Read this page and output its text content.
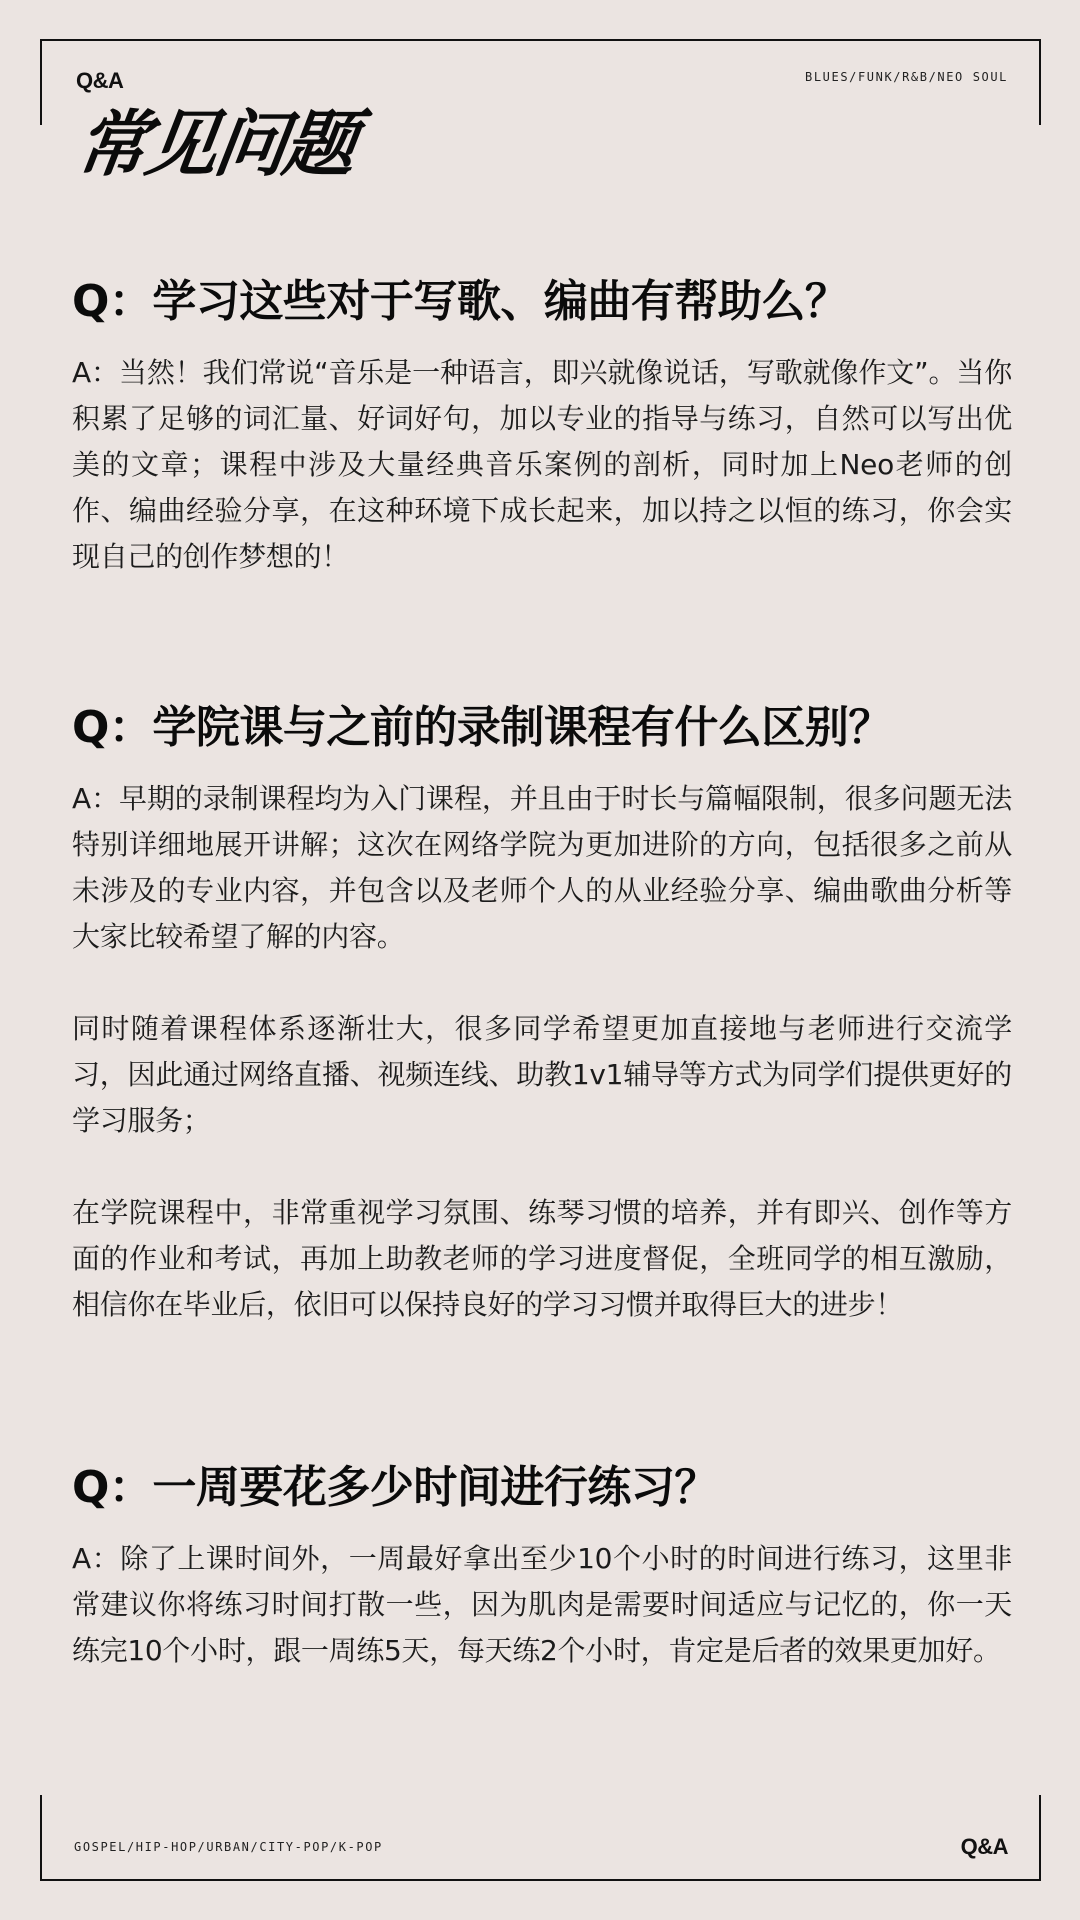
Q&A	BLUES/FUNK/R&B/NEO SOUL
常见问题
Q：学习这些对于写歌、编曲有帮助么？
A：当然！我们常说“音乐是一种语言，即兴就像说话，写歌就像作文”。当你积累了足够的词汇量、好词好句，加以专业的指导与练习，自然可以写出优美的文章；课程中涉及大量经典音乐案例的剖析，同时加上Neo老师的创作、编曲经验分享，在这种环境下成长起来，加以持之以恒的练习，你会实现自己的创作梦想的！
Q：学院课与之前的录制课程有什么区别？
A：早期的录制课程均为入门课程，并且由于时长与篇幅限制，很多问题无法特别详细地展开讲解；这次在网络学院为更加进阶的方向，包括很多之前从未涉及的专业内容，并包含以及老师个人的从业经验分享、编曲歌曲分析等大家比较希望了解的内容。
同时随着课程体系逐渐壮大，很多同学希望更加直接地与老师进行交流学习，因此通过网络直播、视频连线、助教1v1辅导等方式为同学们提供更好的学习服务；
在学院课程中，非常重视学习氛围、练琴习惯的培养，并有即兴、创作等方面的作业和考试，再加上助教老师的学习进度督促，全班同学的相互激励，相信你在毕业后，依旧可以保持良好的学习习惯并取得巨大的进步！
Q：一周要花多少时间进行练习？
A：除了上课时间外，一周最好拿出至少10个小时的时间进行练习，这里非常建议你将练习时间打散一些，因为肌肉是需要时间适应与记忆的，你一天练完10个小时，跟一周练5天，每天练2个小时，肯定是后者的效果更加好。
GOSPEL/HIP-HOP/URBAN/CITY-POP/K-POP	Q&A
